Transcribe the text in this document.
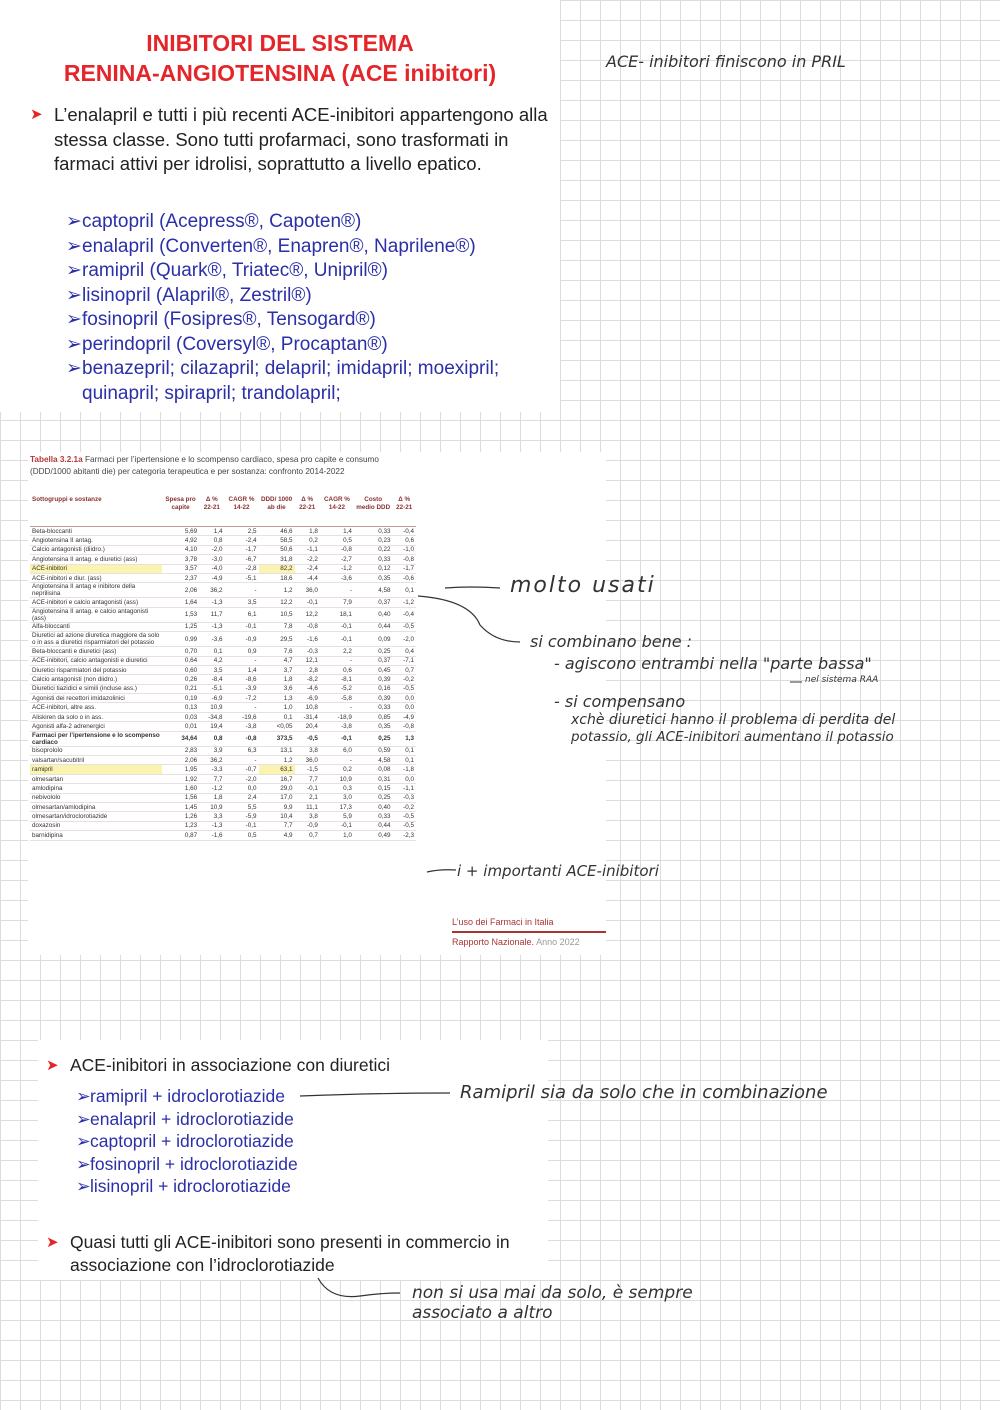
INIBITORI DEL SISTEMA
RENINA-ANGIOTENSINA (ACE inibitori)
➤ L’enalapril e tutti i più recenti ACE-inibitori appartengono alla stessa classe. Sono tutti profarmaci, sono trasformati in farmaci attivi per idrolisi, soprattutto a livello epatico.
➢ captopril (Acepress®, Capoten®)
➢ enalapril (Converten®, Enapren®, Naprilene®)
➢ ramipril (Quark®, Triatec®, Unipril®)
➢ lisinopril (Alapril®, Zestril®)
➢ fosinopril (Fosipres®, Tensogard®)
➢ perindopril (Coversyl®, Procaptan®)
➢ benazepril; cilazapril; delapril; imidapril; moexipril; quinapril; spirapril; trandolapril;
Tabella 3.2.1a Farmaci per l’ipertensione e lo scompenso cardiaco, spesa pro capite e consumo (DDD/1000 abitanti die) per categoria terapeutica e per sostanza: confronto 2014-2022
Sottogruppi e sostanze	Spesa pro capite	Δ % 22-21	CAGR % 14-22	DDD/ 1000 ab die	Δ % 22-21	CAGR % 14-22	Costo medio DDD	Δ % 22-21
Beta-bloccanti	5,69	1,4	2,5	46,6	1,8	1,4	0,33	-0,4
Angiotensina II antag.	4,92	0,8	-2,4	58,5	0,2	0,5	0,23	0,6
Calcio antagonisti (diidro.)	4,10	-2,0	-1,7	50,6	-1,1	-0,8	0,22	-1,0
Angiotensina II antag. e diuretici (ass)	3,78	-3,0	-6,7	31,8	-2,2	-2,7	0,33	-0,8
ACE-inibitori	3,57	-4,0	-2,8	82,2	-2,4	-1,2	0,12	-1,7
ACE-inibitori e diur. (ass)	2,37	-4,9	-5,1	18,6	-4,4	-3,6	0,35	-0,6
Angiotensina II antag e inibitore della neprilisina	2,06	36,2	-	1,2	36,0	-	4,58	0,1
ACE-inibitori e calcio antagonisti (ass)	1,64	-1,3	3,5	12,2	-0,1	7,9	0,37	-1,2
Angiotensina II antag. e calcio antagonisti (ass)	1,53	11,7	6,1	10,5	12,2	18,1	0,40	-0,4
Alfa-bloccanti	1,25	-1,3	-0,1	7,8	-0,8	-0,1	0,44	-0,5
Diuretici ad azione diuretica maggiore da solo o in ass a diuretici risparmiatori del potassio	0,99	-3,6	-0,9	29,5	-1,6	-0,1	0,09	-2,0
Beta-bloccanti e diuretici (ass)	0,70	0,1	0,9	7,6	-0,3	2,2	0,25	0,4
ACE-inibitori, calcio antagonisti e diuretici	0,64	4,2	-	4,7	12,1	-	0,37	-7,1
Diuretici risparmiatori del potassio	0,60	3,5	1,4	3,7	2,8	0,6	0,45	0,7
Calcio antagonisti (non diidro.)	0,26	-8,4	-8,6	1,8	-8,2	-8,1	0,39	-0,2
Diuretici tiazidici e simili (incluse ass.)	0,21	-5,1	-3,9	3,6	-4,6	-5,2	0,16	-0,5
Agonisti dei recettori imidazolinici	0,19	-6,9	-7,2	1,3	-6,9	-5,8	0,39	0,0
ACE-inibitori, altre ass.	0,13	10,9	-	1,0	10,8	-	0,33	0,0
Aliskiren da solo o in ass.	0,03	-34,8	-19,6	0,1	-31,4	-18,9	0,85	-4,9
Agonisti alfa-2 adrenergici	0,01	19,4	-3,8	<0,05	20,4	-3,8	0,35	-0,8
Farmaci per l’ipertensione e lo scompenso cardiaco	34,64	0,8	-0,8	373,5	-0,5	-0,1	0,25	1,3
bisoprololo	2,83	3,9	6,3	13,1	3,8	6,0	0,59	0,1
valsartan/sacubitril	2,06	36,2	-	1,2	36,0	-	4,58	0,1
ramipril	1,95	-3,3	-0,7	63,1	-1,5	0,2	0,08	-1,8
olmesartan	1,92	7,7	-2,0	16,7	7,7	10,9	0,31	0,0
amlodipina	1,60	-1,2	0,0	29,0	-0,1	0,3	0,15	-1,1
nebivololo	1,56	1,8	2,4	17,0	2,1	3,0	0,25	-0,3
olmesartan/amlodipina	1,45	10,9	5,5	9,9	11,1	17,3	0,40	-0,2
olmesartan/idroclorotiazide	1,26	3,3	-5,9	10,4	3,8	5,9	0,33	-0,5
doxazosin	1,23	-1,3	-0,1	7,7	-0,9	-0,1	0,44	-0,5
barnidipina	0,87	-1,6	0,5	4,9	0,7	1,0	0,49	-2,3
L’uso dei Farmaci in Italia
Rapporto Nazionale. Anno 2022
➤ ACE-inibitori in associazione con diuretici
➢ ramipril + idroclorotiazide
➢ enalapril + idroclorotiazide
➢ captopril + idroclorotiazide
➢ fosinopril + idroclorotiazide
➢ lisinopril + idroclorotiazide
➤ Quasi tutti gli ACE-inibitori sono presenti in commercio in associazione con l’idroclorotiazide
ACE- inibitori finiscono in PRIL
molto usati
si combinano bene :
- agiscono entrambi nella "parte bassa"
nel sistema RAA
- si compensano
xchè diuretici hanno il problema di perdita del
potassio, gli ACE-inibitori aumentano il potassio
i + importanti ACE-inibitori
Ramipril sia da solo che in combinazione
non si usa mai da solo, è sempre
associato a altro
